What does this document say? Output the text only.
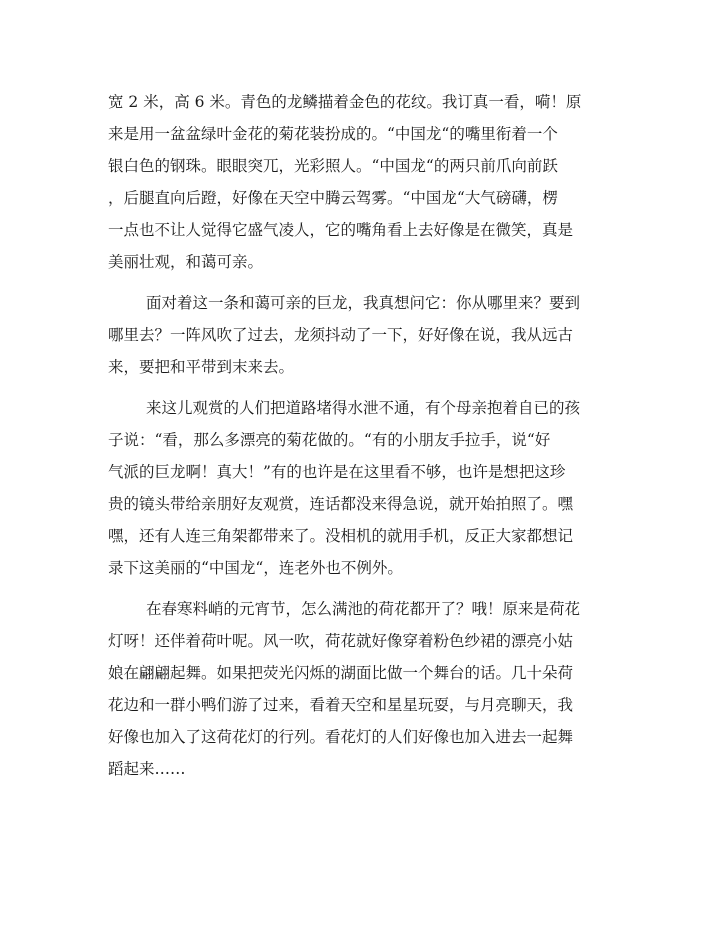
宽 2 米，高 6 米。青色的龙鳞描着金色的花纹。我订真一看，嗬！原
来是用一盆盆绿叶金花的菊花装扮成的。“中国龙“的嘴里衔着一个
银白色的钢珠。眼眼突兀，光彩照人。“中国龙“的两只前爪向前跃
，后腿直向后蹬，好像在天空中腾云驾雾。“中国龙“大气磅礴，楞
一点也不让人觉得它盛气凌人，它的嘴角看上去好像是在微笑，真是
美丽壮观，和蔼可亲。
面对着这一条和蔼可亲的巨龙，我真想问它：你从哪里来？要到
哪里去？一阵风吹了过去，龙须抖动了一下，好好像在说，我从远古
来，要把和平带到末来去。
来这儿观赏的人们把道路堵得水泄不通，有个母亲抱着自已的孩
子说：“看，那么多漂亮的菊花做的。“有的小朋友手拉手，说“好
气派的巨龙啊！真大！”有的也许是在这里看不够，也许是想把这珍
贵的镜头带给亲朋好友观赏，连话都没来得急说，就开始拍照了。嘿
嘿，还有人连三角架都带来了。没相机的就用手机，反正大家都想记
录下这美丽的“中国龙“，连老外也不例外。
在春寒料峭的元宵节，怎么满池的荷花都开了？哦！原来是荷花
灯呀！还伴着荷叶呢。风一吹，荷花就好像穿着粉色纱裙的漂亮小姑
娘在翩翩起舞。如果把荧光闪烁的湖面比做一个舞台的话。几十朵荷
花边和一群小鸭们游了过来，看着天空和星星玩耍，与月亮聊天，我
好像也加入了这荷花灯的行列。看花灯的人们好像也加入进去一起舞
蹈起来……
